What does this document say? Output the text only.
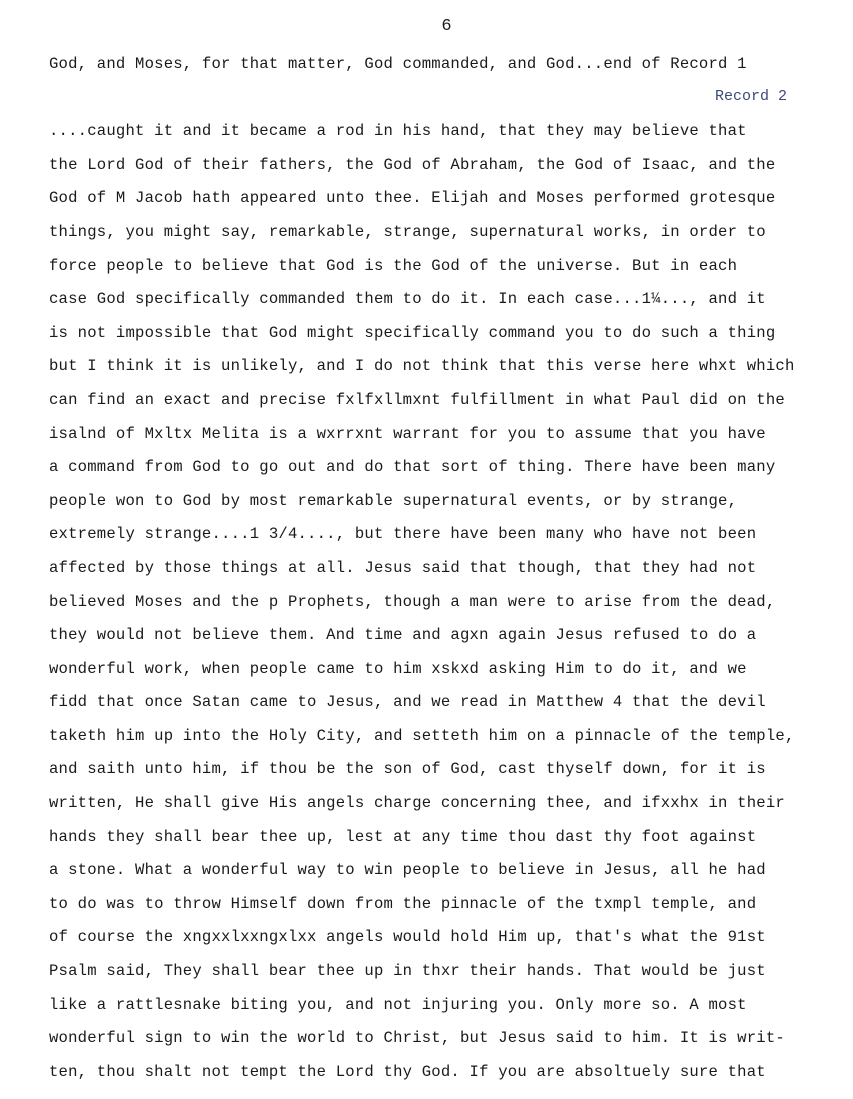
6
Record 2
God, and Moses, for that matter, God commanded, and God...end of Record 1
....caught it and it became a rod in his hand, that they may believe that
the Lord God of their fathers, the God of Abraham, the God of Isaac, and the
God of M Jacob hath appeared unto thee. Elijah and Moses performed grotesque
things, you might say, remarkable, strange, supernatural works, in order to
force people to believe that God is the God of the universe. But in each
case God specifically commanded them to do it. In each case...1¼..., and it
is not impossible that God might specifically command you to do such a thing
but I think it is unlikely, and I do not think that this verse here whxt which
can find an exact and precise fxlfxllmxnt fulfillment in what Paul did on the
isalnd of Mxltx Melita is a wxrrxnt warrant for you to assume that you have
a command from God to go out and do that sort of thing. There have been many
people won to God by most remarkable supernatural events, or by strange,
extremely strange....1 3/4...., but there have been many who have not been
affected by those things at all. Jesus said that though, that they had not
believed Moses and the p Prophets, though a man were to arise from the dead,
they would not believe them. And time and agxn again Jesus refused to do a
wonderful work, when people came to him xskxd asking Him to do it, and we
fidd that once Satan came to Jesus, and we read in Matthew 4 that the devil
taketh him up into the Holy City, and setteth him on a pinnacle of the temple,
and saith unto him, if thou be the son of God, cast thyself down, for it is
written, He shall give His angels charge concerning thee, and ifxxhx in their
hands they shall bear thee up, lest at any time thou dast thy foot against
a stone. What a wonderful way to win people to believe in Jesus, all he had
to do was to throw Himself down from the pinnacle of the txmpl temple, and
of course the xngxxlxxngxlxx angels would hold Him up, that's what the 91st
Psalm said, They shall bear thee up in thxr their hands. That would be just
like a rattlesnake biting you, and not injuring you. Only more so. A most
wonderful sign to win the world to Christ, but Jesus said to him. It is writ-
ten, thou shalt not tempt the Lord thy God. If you are absoltuely sure that
